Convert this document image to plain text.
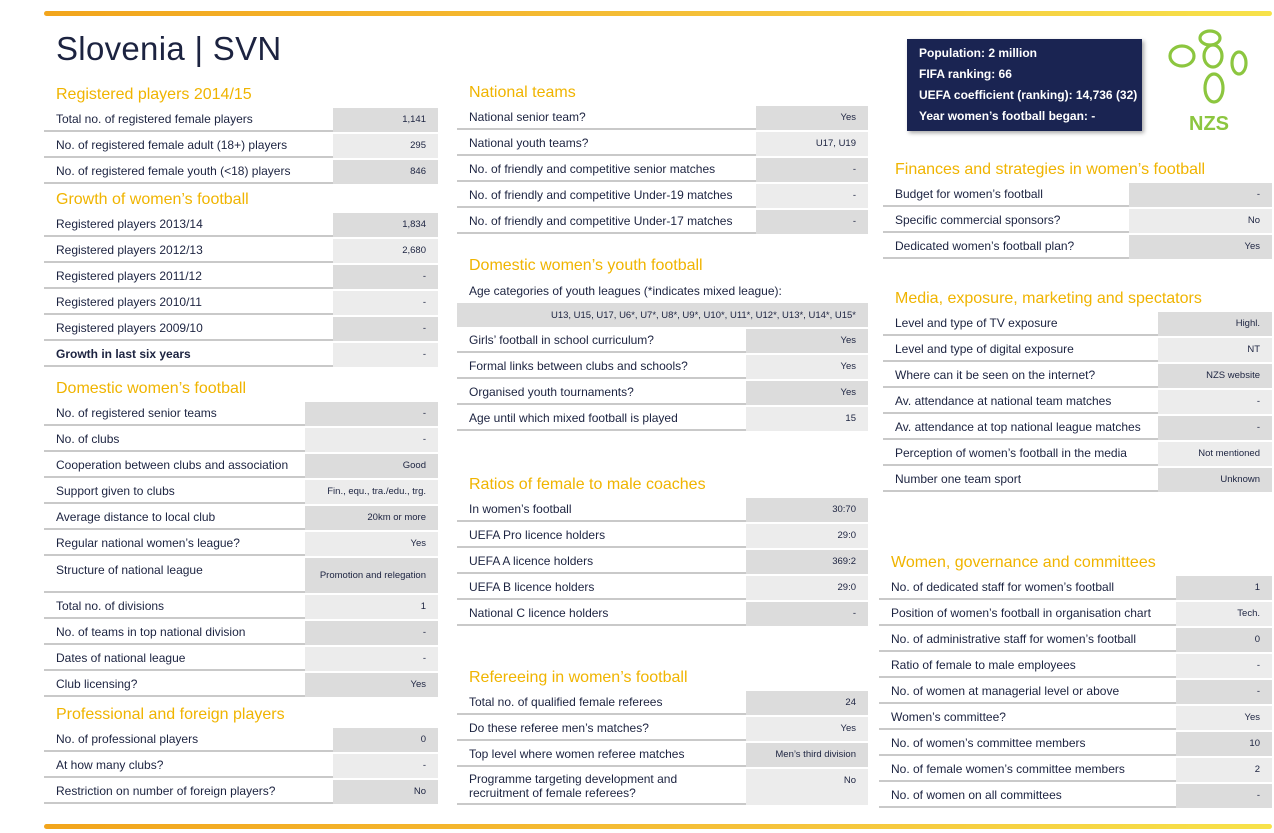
Slovenia | SVN	Population: 2 million
FIFA ranking: 66
UEFA coefficient (ranking): 14,736 (32)
Year women’s football began: -	NZS
Registered players 2014/15
Total no. of registered female players	1,141
No. of registered female adult (18+) players	295
No. of registered female youth (<18) players	846
Growth of women’s football
Registered players 2013/14	1,834
Registered players 2012/13	2,680
Registered players 2011/12	-
Registered players 2010/11	-
Registered players 2009/10	-
Growth in last six years	-
Domestic women’s football
No. of registered senior teams	-
No. of clubs	-
Cooperation between clubs and association	Good
Support given to clubs	Fin., equ., tra./edu., trg.
Average distance to local club	20km or more
Regular national women’s league?	Yes
Structure of national league	Promotion and relegation
Total no. of divisions	1
No. of teams in top national division	-
Dates of national league	-
Club licensing?	Yes
Professional and foreign players
No. of professional players	0
At how many clubs?	-
Restriction on number of foreign players?	No
National teams
National senior team?	Yes
National youth teams?	U17, U19
No. of friendly and competitive senior matches	-
No. of friendly and competitive Under-19 matches	-
No. of friendly and competitive Under-17 matches	-
Domestic women’s youth football
Age categories of youth leagues (*indicates mixed league):
U13, U15, U17, U6*, U7*, U8*, U9*, U10*, U11*, U12*, U13*, U14*, U15*
Girls’ football in school curriculum?	Yes
Formal links between clubs and schools?	Yes
Organised youth tournaments?	Yes
Age until which mixed football is played	15
Ratios of female to male coaches
In women’s football	30:70
UEFA Pro licence holders	29:0
UEFA A licence holders	369:2
UEFA B licence holders	29:0
National C licence holders	-
Refereeing in women’s football
Total no. of qualified female referees	24
Do these referee men’s matches?	Yes
Top level where women referee matches	Men’s third division
Programme targeting development and recruitment of female referees?
No
Finances and strategies in women’s football
Budget for women’s football	-
Specific commercial sponsors?	No
Dedicated women’s football plan?	Yes
Media, exposure, marketing and spectators
Level and type of TV exposure	Highl.
Level and type of digital exposure	NT
Where can it be seen on the internet?	NZS website
Av. attendance at national team matches	-
Av. attendance at top national league matches	-
Perception of women’s football in the media	Not mentioned
Number one team sport	Unknown
Women, governance and committees
No. of dedicated staff for women’s football	1
Position of women’s football in organisation chart	Tech.
No. of administrative staff for women’s football	0
Ratio of female to male employees	-
No. of women at managerial level or above	-
Women’s committee?	Yes
No. of women’s committee members	10
No. of female women’s committee members	2
No. of women on all committees	-
